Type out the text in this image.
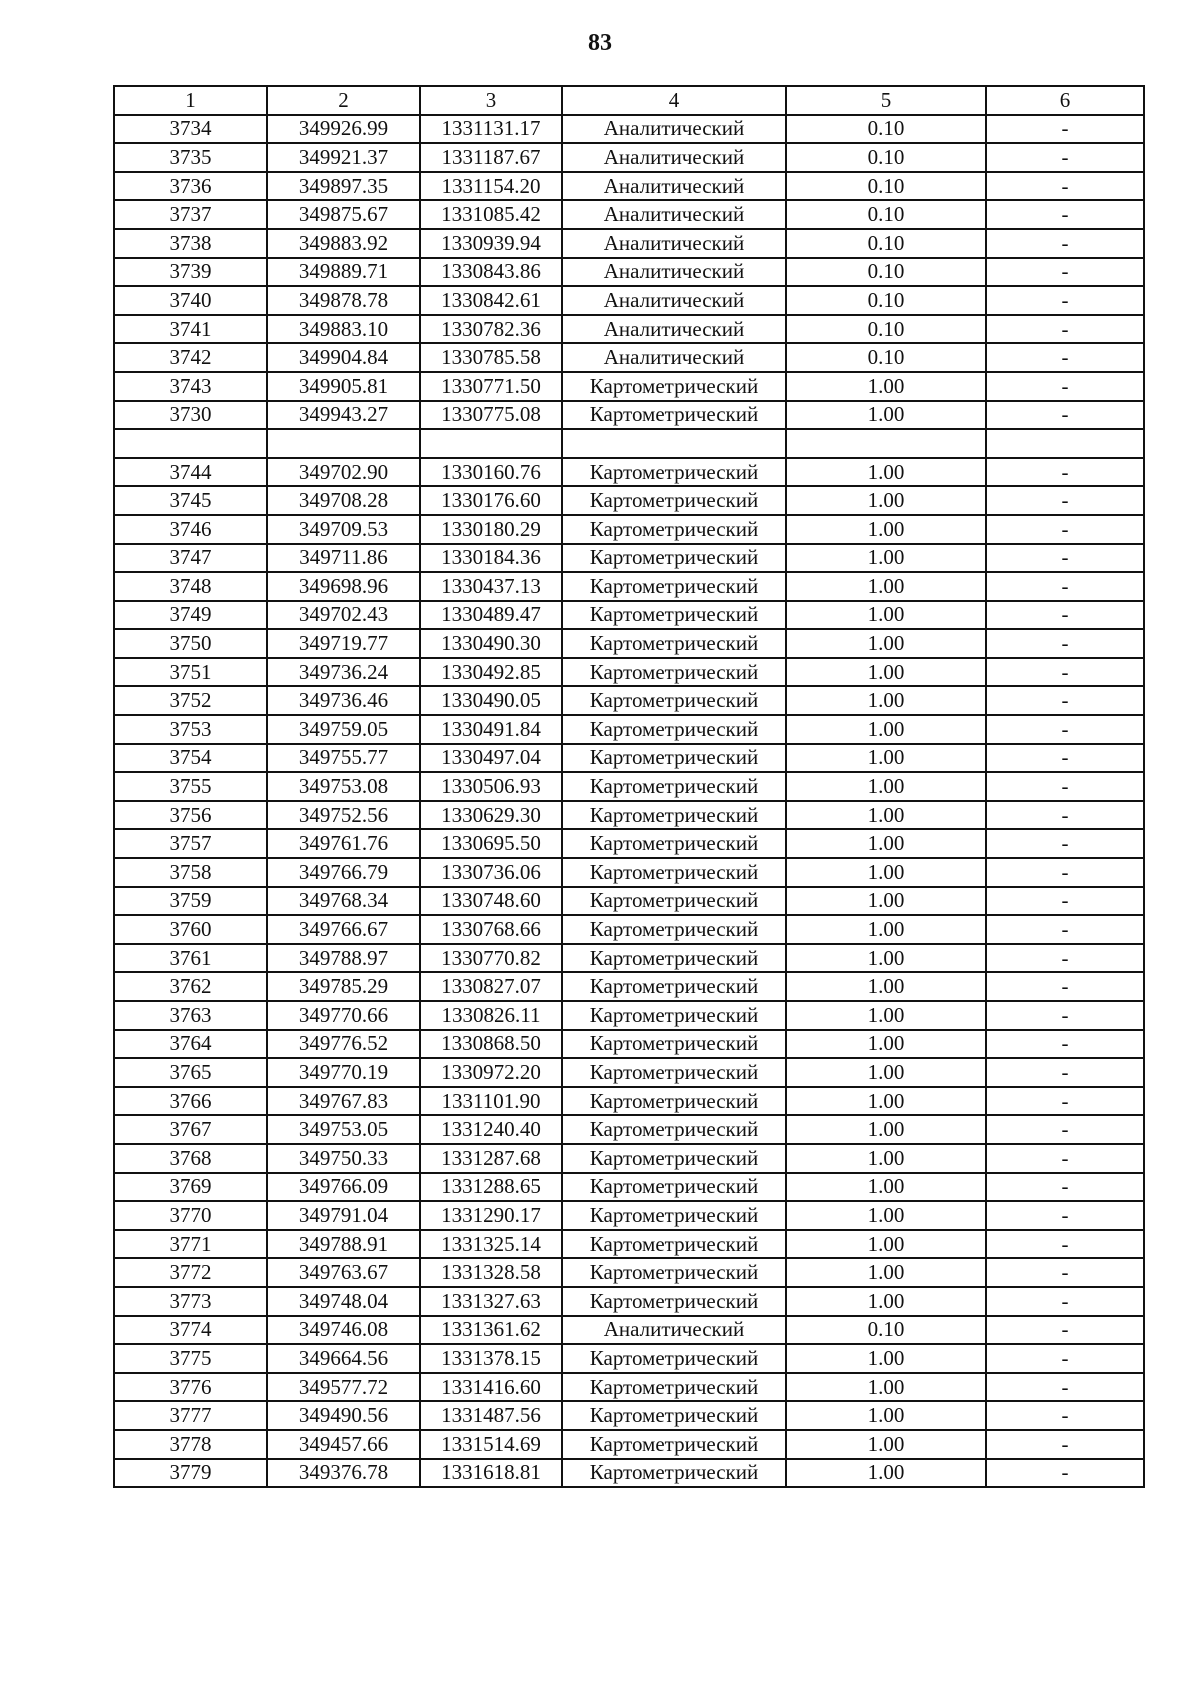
83
1	2	3	4	5	6
3734	349926.99	1331131.17	Аналитический	0.10	-
3735	349921.37	1331187.67	Аналитический	0.10	-
3736	349897.35	1331154.20	Аналитический	0.10	-
3737	349875.67	1331085.42	Аналитический	0.10	-
3738	349883.92	1330939.94	Аналитический	0.10	-
3739	349889.71	1330843.86	Аналитический	0.10	-
3740	349878.78	1330842.61	Аналитический	0.10	-
3741	349883.10	1330782.36	Аналитический	0.10	-
3742	349904.84	1330785.58	Аналитический	0.10	-
3743	349905.81	1330771.50	Картометрический	1.00	-
3730	349943.27	1330775.08	Картометрический	1.00	-

3744	349702.90	1330160.76	Картометрический	1.00	-
3745	349708.28	1330176.60	Картометрический	1.00	-
3746	349709.53	1330180.29	Картометрический	1.00	-
3747	349711.86	1330184.36	Картометрический	1.00	-
3748	349698.96	1330437.13	Картометрический	1.00	-
3749	349702.43	1330489.47	Картометрический	1.00	-
3750	349719.77	1330490.30	Картометрический	1.00	-
3751	349736.24	1330492.85	Картометрический	1.00	-
3752	349736.46	1330490.05	Картометрический	1.00	-
3753	349759.05	1330491.84	Картометрический	1.00	-
3754	349755.77	1330497.04	Картометрический	1.00	-
3755	349753.08	1330506.93	Картометрический	1.00	-
3756	349752.56	1330629.30	Картометрический	1.00	-
3757	349761.76	1330695.50	Картометрический	1.00	-
3758	349766.79	1330736.06	Картометрический	1.00	-
3759	349768.34	1330748.60	Картометрический	1.00	-
3760	349766.67	1330768.66	Картометрический	1.00	-
3761	349788.97	1330770.82	Картометрический	1.00	-
3762	349785.29	1330827.07	Картометрический	1.00	-
3763	349770.66	1330826.11	Картометрический	1.00	-
3764	349776.52	1330868.50	Картометрический	1.00	-
3765	349770.19	1330972.20	Картометрический	1.00	-
3766	349767.83	1331101.90	Картометрический	1.00	-
3767	349753.05	1331240.40	Картометрический	1.00	-
3768	349750.33	1331287.68	Картометрический	1.00	-
3769	349766.09	1331288.65	Картометрический	1.00	-
3770	349791.04	1331290.17	Картометрический	1.00	-
3771	349788.91	1331325.14	Картометрический	1.00	-
3772	349763.67	1331328.58	Картометрический	1.00	-
3773	349748.04	1331327.63	Картометрический	1.00	-
3774	349746.08	1331361.62	Аналитический	0.10	-
3775	349664.56	1331378.15	Картометрический	1.00	-
3776	349577.72	1331416.60	Картометрический	1.00	-
3777	349490.56	1331487.56	Картометрический	1.00	-
3778	349457.66	1331514.69	Картометрический	1.00	-
3779	349376.78	1331618.81	Картометрический	1.00	-
